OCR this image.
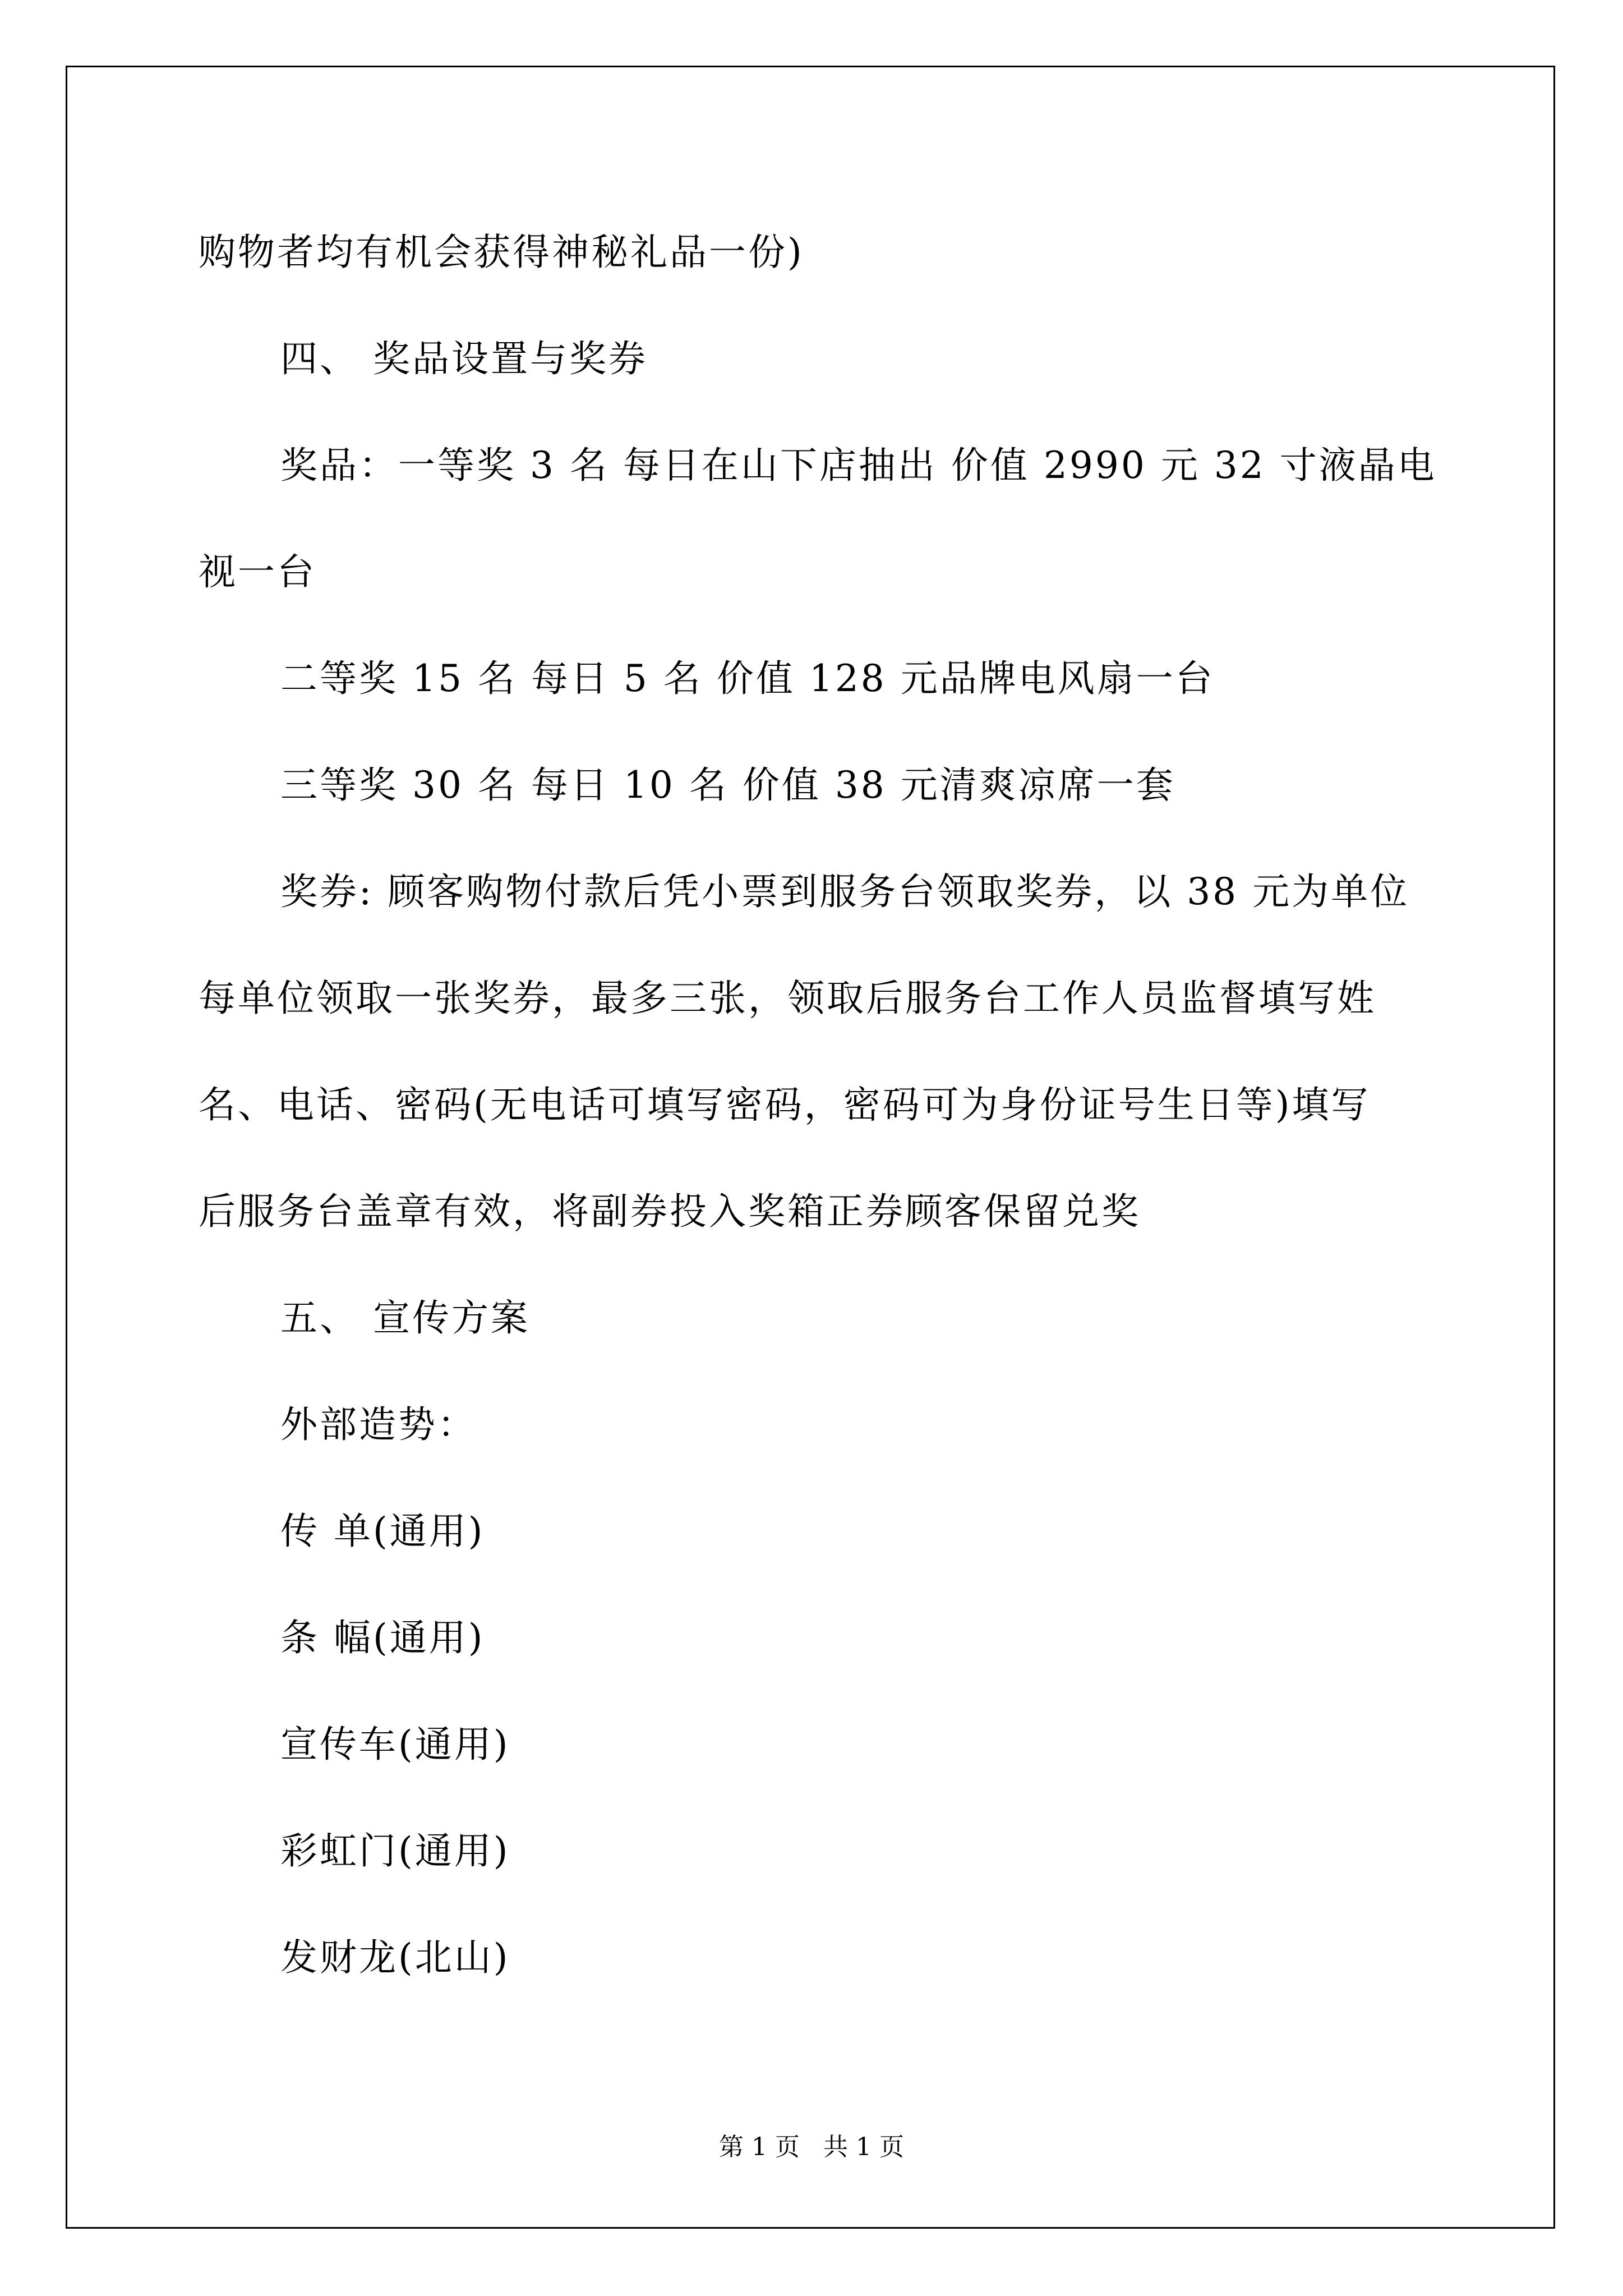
购物者均有机会获得神秘礼品一份)
四、 奖品设置与奖券
奖品：一等奖 3 名 每日在山下店抽出 价值 2990 元 32 寸液晶电
视一台
二等奖 15 名 每日 5 名 价值 128 元品牌电风扇一台
三等奖 30 名 每日 10 名 价值 38 元清爽凉席一套
奖券: 顾客购物付款后凭小票到服务台领取奖券，以 38 元为单位
每单位领取一张奖券，最多三张，领取后服务台工作人员监督填写姓
名、电话、密码(无电话可填写密码，密码可为身份证号生日等)填写
后服务台盖章有效，将副券投入奖箱正券顾客保留兑奖
五、 宣传方案
外部造势：
传 单(通用)
条 幅(通用)
宣传车(通用)
彩虹门(通用)
发财龙(北山)
第 1 页   共 1 页
